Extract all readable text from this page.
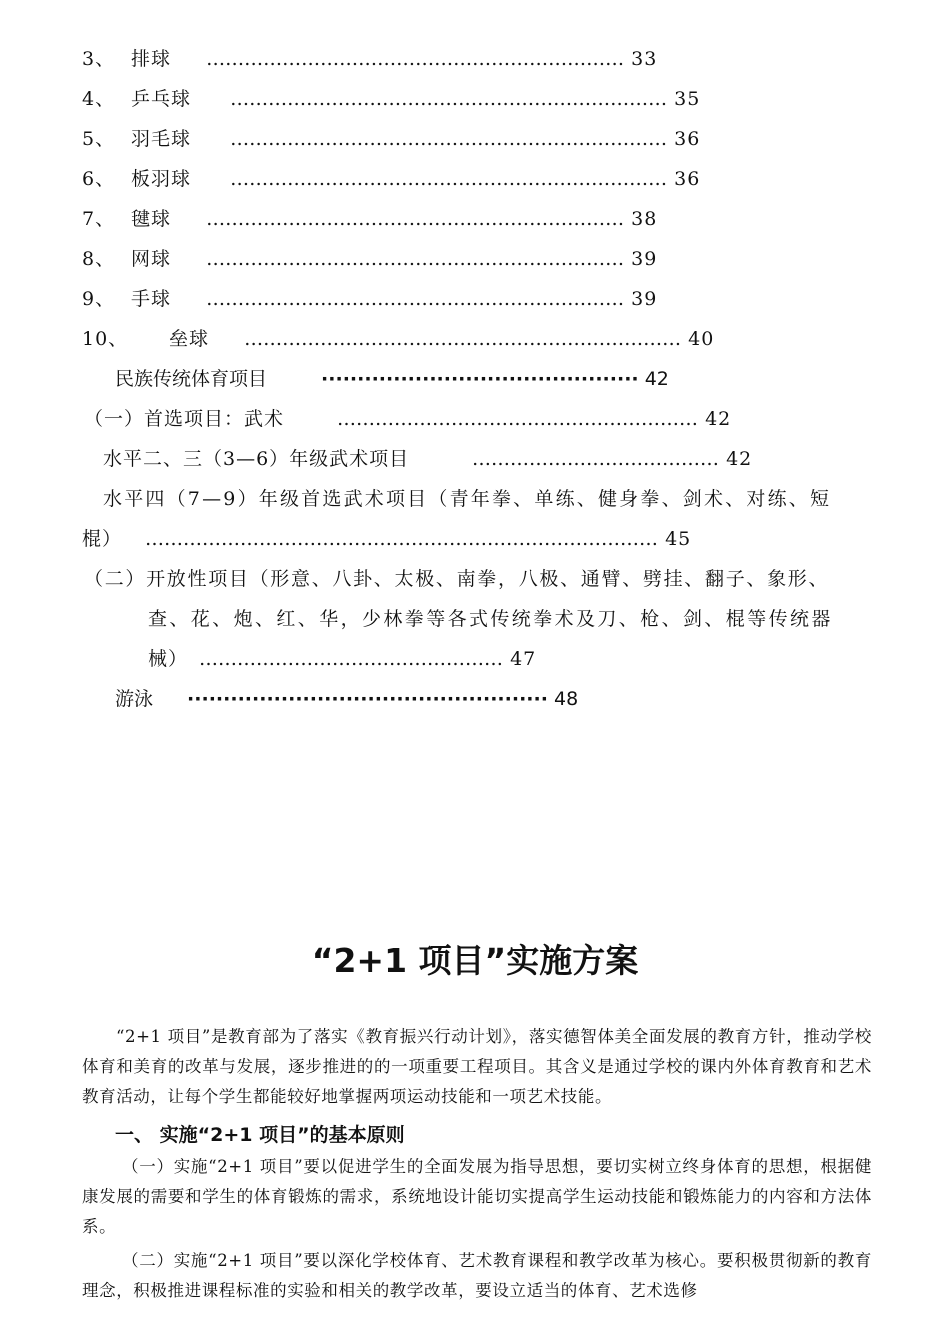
3、 排球 ………………………………………………………… 33
4、 乒乓球 …………………………………………………………… 35
5、 羽毛球 …………………………………………………………… 36
6、 板羽球 …………………………………………………………… 36
7、 毽球 ………………………………………………………… 38
8、 网球 ………………………………………………………… 39
9、 手球 ………………………………………………………… 39
10、 垒球 …………………………………………………………… 40
民族传统体育项目	············································ 42
（一）首选项目：武术	………………………………………………… 42
水平二、三（3—6）年级武术项目	………………………………… 42
水平四（7—9）年级首选武术项目（青年拳、单练、健身拳、剑术、对练、短
棍） ……………………………………………………………………… 45
（二）开放性项目（形意、八卦、太极、南拳，八极、通臂、劈挂、翻子、象形、
查、花、炮、红、华，少林拳等各式传统拳术及刀、枪、剑、棍等传统器
械） ………………………………………… 47
游泳 ·················································· 48
“2+1 项目”实施方案
“2+1 项目”是教育部为了落实《教育振兴行动计划》，落实德智体美全面发展的教育方针，推动学校体育和美育的改革与发展，逐步推进的的一项重要工程项目。其含义是通过学校的课内外体育教育和艺术教育活动，让每个学生都能较好地掌握两项运动技能和一项艺术技能。
一、 实施“2+1 项目”的基本原则
（一）实施“2+1 项目”要以促进学生的全面发展为指导思想，要切实树立终身体育的思想，根据健康发展的需要和学生的体育锻炼的需求，系统地设计能切实提高学生运动技能和锻炼能力的内容和方法体系。
（二）实施“2+1 项目”要以深化学校体育、艺术教育课程和教学改革为核心。要积极贯彻新的教育理念，积极推进课程标准的实验和相关的教学改革，要设立适当的体育、艺术选修
